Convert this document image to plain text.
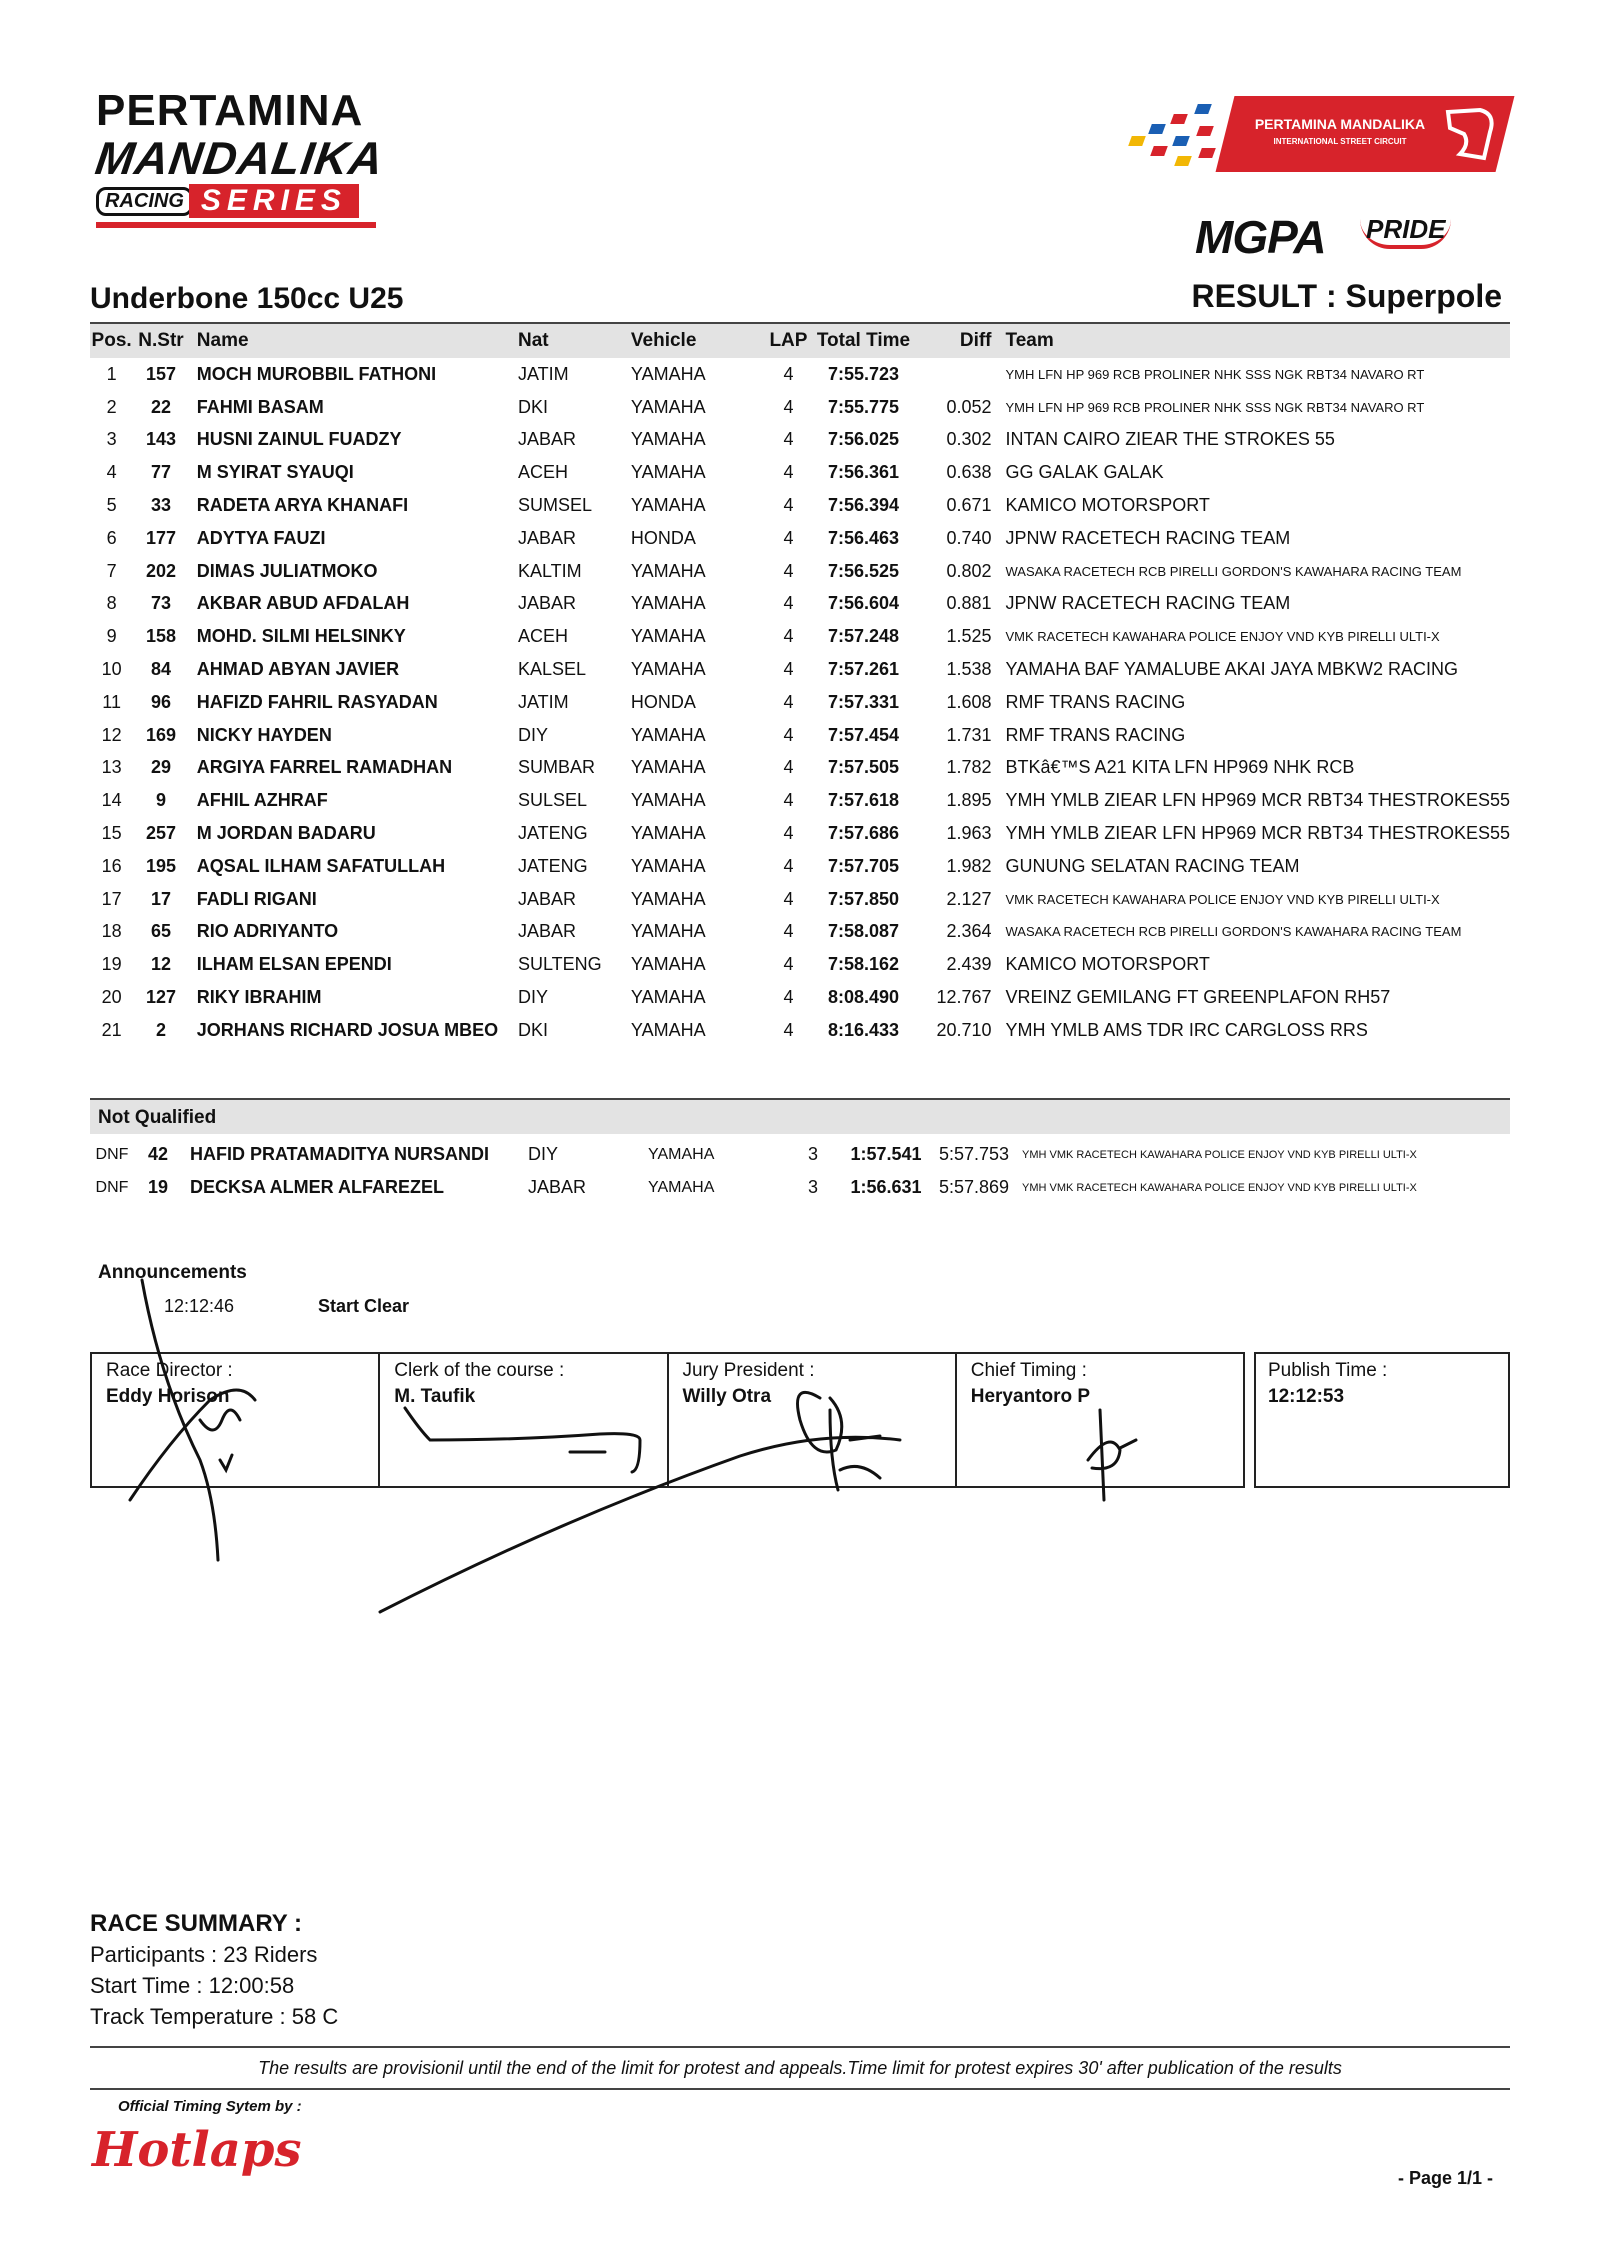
PERTAMINA
MANDALIKA
RACING SERIES
PERTAMINA MANDALIKA
INTERNATIONAL STREET CIRCUIT
MGPA PRIDE
Underbone 150cc U25	RESULT : Superpole
Pos.	N.Str	Name	Nat	Vehicle	LAP	Total Time	Diff	Team
1	157	MOCH MUROBBIL FATHONI	JATIM	YAMAHA	4	7:55.723		YMH LFN HP 969 RCB PROLINER NHK SSS NGK RBT34 NAVARO RT
2	22	FAHMI BASAM	DKI	YAMAHA	4	7:55.775	0.052	YMH LFN HP 969 RCB PROLINER NHK SSS NGK RBT34 NAVARO RT
3	143	HUSNI ZAINUL FUADZY	JABAR	YAMAHA	4	7:56.025	0.302	INTAN CAIRO ZIEAR THE STROKES 55
4	77	M SYIRAT SYAUQI	ACEH	YAMAHA	4	7:56.361	0.638	GG GALAK GALAK
5	33	RADETA ARYA KHANAFI	SUMSEL	YAMAHA	4	7:56.394	0.671	KAMICO MOTORSPORT
6	177	ADYTYA FAUZI	JABAR	HONDA	4	7:56.463	0.740	JPNW RACETECH RACING TEAM
7	202	DIMAS JULIATMOKO	KALTIM	YAMAHA	4	7:56.525	0.802	WASAKA RACETECH RCB PIRELLI GORDON'S KAWAHARA RACING TEAM
8	73	AKBAR ABUD AFDALAH	JABAR	YAMAHA	4	7:56.604	0.881	JPNW RACETECH RACING TEAM
9	158	MOHD. SILMI HELSINKY	ACEH	YAMAHA	4	7:57.248	1.525	VMK RACETECH KAWAHARA POLICE ENJOY VND KYB PIRELLI ULTI-X
10	84	AHMAD ABYAN JAVIER	KALSEL	YAMAHA	4	7:57.261	1.538	YAMAHA BAF YAMALUBE AKAI JAYA MBKW2 RACING
11	96	HAFIZD FAHRIL RASYADAN	JATIM	HONDA	4	7:57.331	1.608	RMF TRANS RACING
12	169	NICKY HAYDEN	DIY	YAMAHA	4	7:57.454	1.731	RMF TRANS RACING
13	29	ARGIYA FARREL RAMADHAN	SUMBAR	YAMAHA	4	7:57.505	1.782	BTKâ€™S A21 KITA LFN HP969 NHK RCB
14	9	AFHIL AZHRAF	SULSEL	YAMAHA	4	7:57.618	1.895	YMH YMLB ZIEAR LFN HP969 MCR RBT34 THESTROKES55
15	257	M JORDAN BADARU	JATENG	YAMAHA	4	7:57.686	1.963	YMH YMLB ZIEAR LFN HP969 MCR RBT34 THESTROKES55
16	195	AQSAL ILHAM SAFATULLAH	JATENG	YAMAHA	4	7:57.705	1.982	GUNUNG SELATAN RACING TEAM
17	17	FADLI RIGANI	JABAR	YAMAHA	4	7:57.850	2.127	VMK RACETECH KAWAHARA POLICE ENJOY VND KYB PIRELLI ULTI-X
18	65	RIO ADRIYANTO	JABAR	YAMAHA	4	7:58.087	2.364	WASAKA RACETECH RCB PIRELLI GORDON'S KAWAHARA RACING TEAM
19	12	ILHAM ELSAN EPENDI	SULTENG	YAMAHA	4	7:58.162	2.439	KAMICO MOTORSPORT
20	127	RIKY IBRAHIM	DIY	YAMAHA	4	8:08.490	12.767	VREINZ GEMILANG FT GREENPLAFON RH57
21	2	JORHANS RICHARD JOSUA MBEO	DKI	YAMAHA	4	8:16.433	20.710	YMH YMLB AMS TDR IRC CARGLOSS RRS
Not Qualified
DNF	42	HAFID PRATAMADITYA NURSANDI	DIY	YAMAHA	3	1:57.541	5:57.753	YMH VMK RACETECH KAWAHARA POLICE ENJOY VND KYB PIRELLI ULTI-X
DNF	19	DECKSA ALMER ALFAREZEL	JABAR	YAMAHA	3	1:56.631	5:57.869	YMH VMK RACETECH KAWAHARA POLICE ENJOY VND KYB PIRELLI ULTI-X
Announcements
12:12:46	Start Clear
Race Director :
Eddy Horison
Clerk of the course :
M. Taufik
Jury President :
Willy Otra
Chief Timing :
Heryantoro P
Publish Time :
12:12:53
RACE SUMMARY :
Participants : 23 Riders
Start Time : 12:00:58
Track Temperature : 58 C
The results are provisionil until the end of the limit for protest and appeals.Time limit for protest expires 30' after publication of the results
Official Timing Sytem by :
Hotlaps	- Page 1/1 -
